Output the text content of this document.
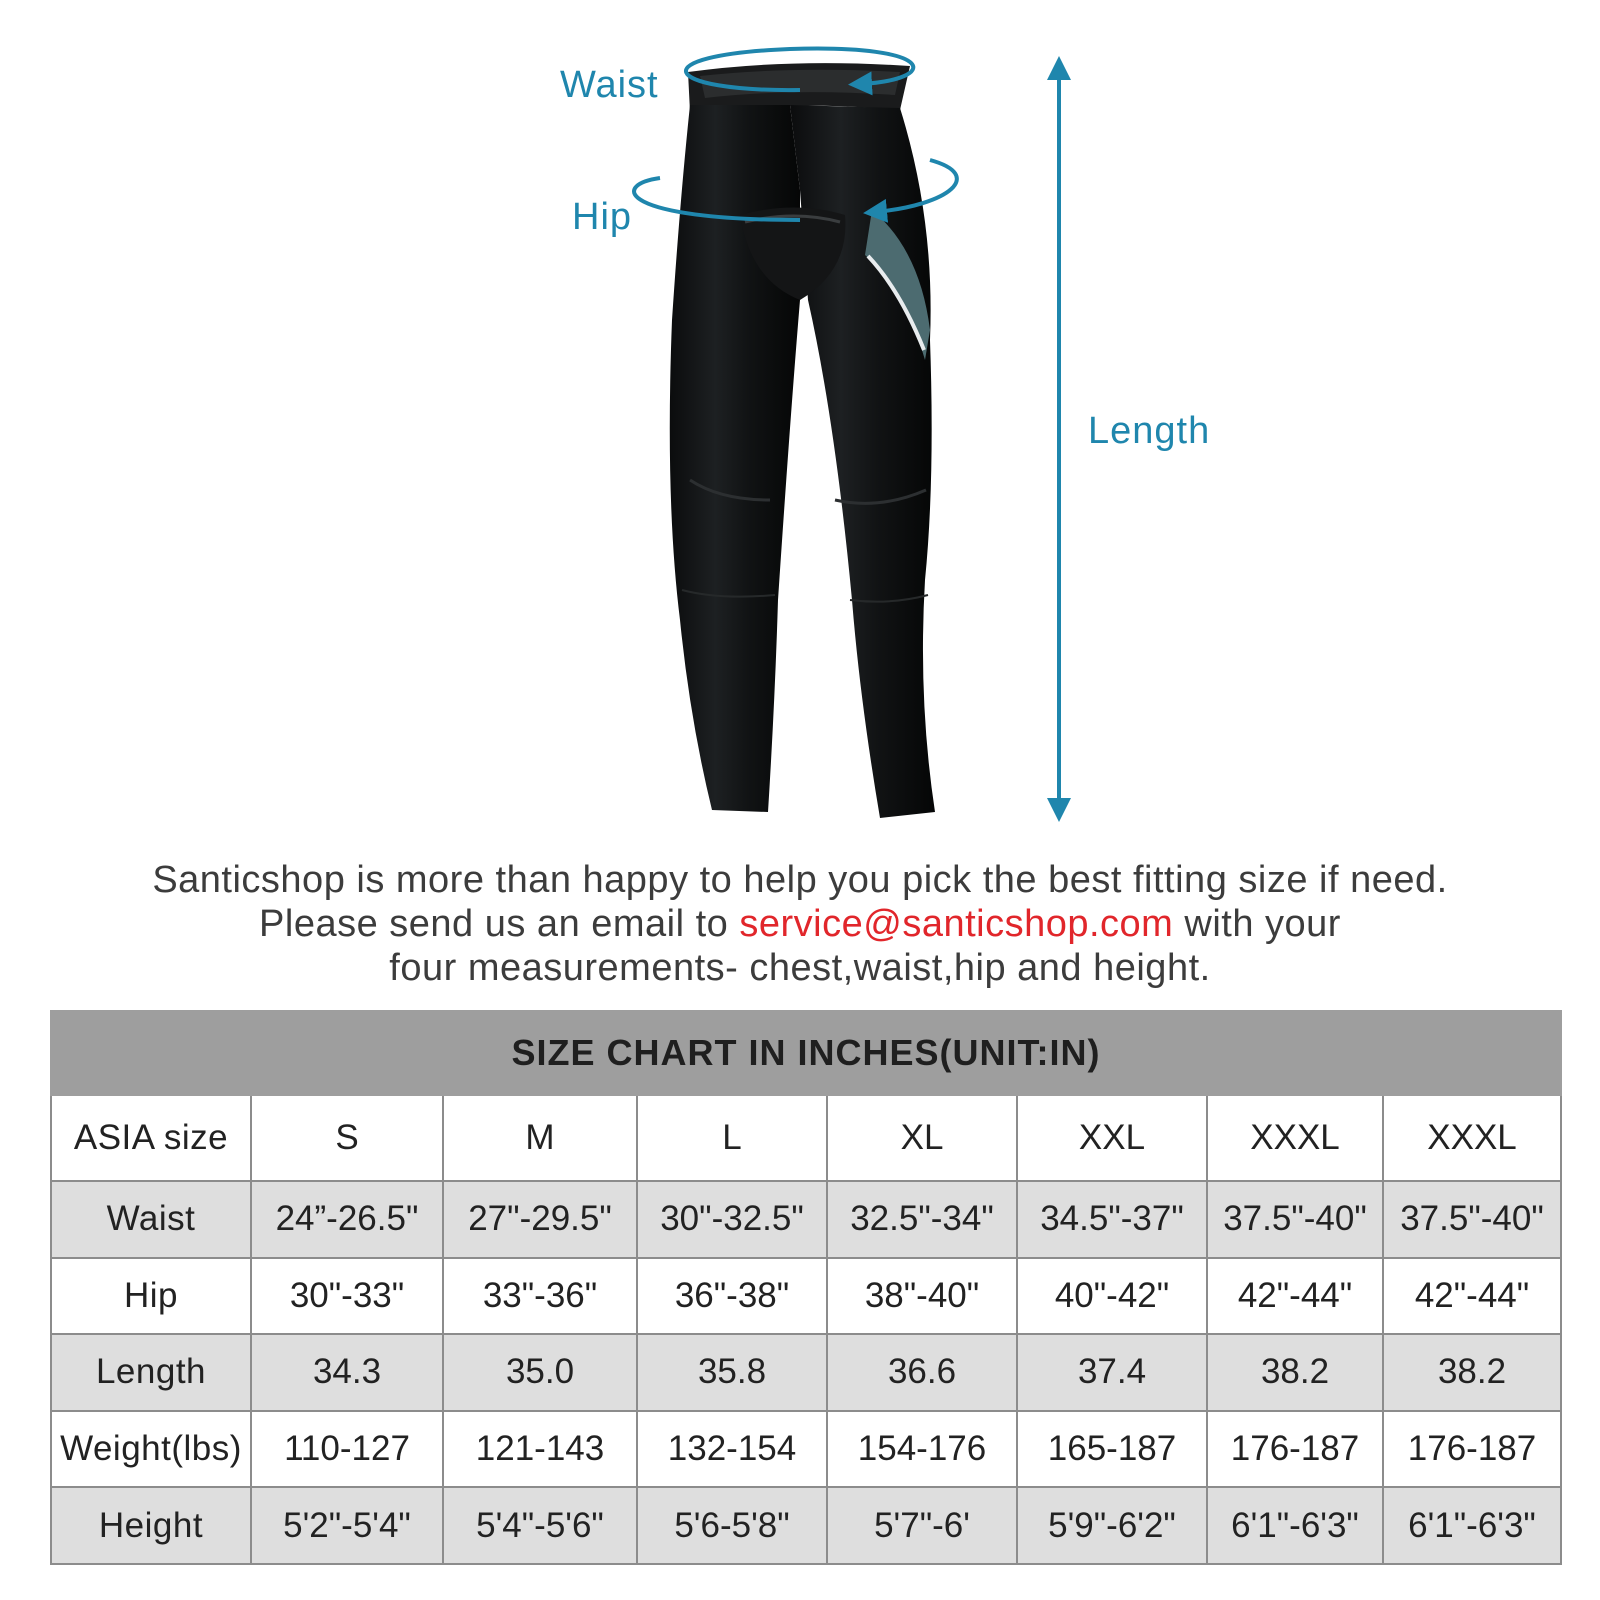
Waist
Hip
Length
Santicshop is more than happy to help you pick the best fitting size if need.
Please send us an email to service@santicshop.com with your
four measurements- chest,waist,hip and height.
SIZE CHART IN INCHES(UNIT:IN)							
ASIA size	S	M	L	XL	XXL	XXXL	XXXL
Waist	24”-26.5"	27"-29.5"	30"-32.5"	32.5"-34"	34.5"-37"	37.5"-40"	37.5"-40"
Hip	30"-33"	33"-36"	36"-38"	38"-40"	40"-42"	42"-44"	42"-44"
Length	34.3	35.0	35.8	36.6	37.4	38.2	38.2
Weight(lbs)	110-127	121-143	132-154	154-176	165-187	176-187	176-187
Height	5'2"-5'4"	5'4"-5'6"	5'6-5'8"	5'7"-6'	5'9"-6'2"	6'1"-6'3"	6'1"-6'3"
